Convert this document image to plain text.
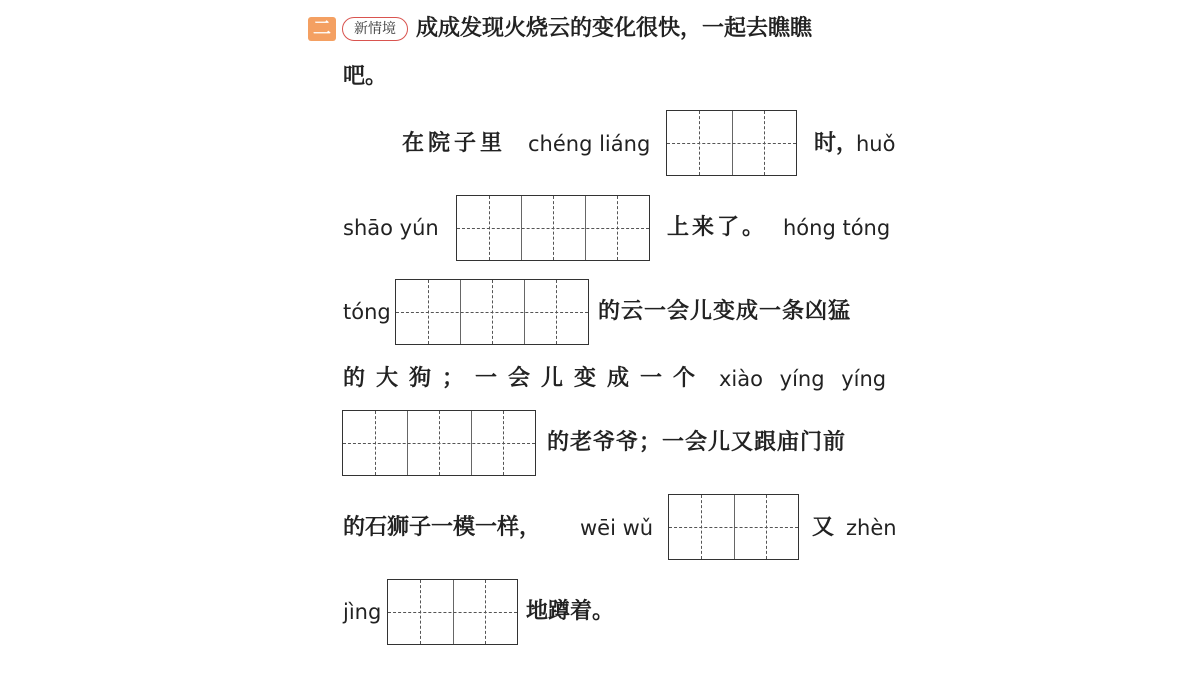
二 新情境 成成发现火烧云的变化很快，一起去瞧瞧
吧。
在院子里 chéng liáng	时，
huǒ
shāo yún	上来了。 hóng tóng
tóng	的云一会儿变成一条凶猛
的大狗；一会儿变成一个 xiào yíng yíng
的老爷爷；一会儿又跟庙门前
的石狮子一模一样， wēi wǔ	又 zhèn
jìng	地蹲着。
